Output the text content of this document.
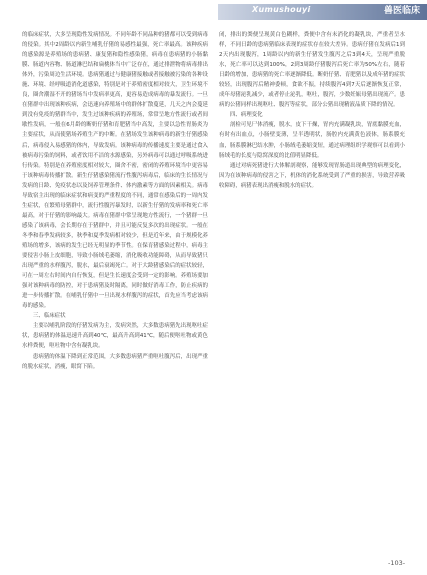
Xumushouyi	兽医临床

的临床症状，大多呈现隐性发病情况。不同年龄不同品种的猪都可以受到病毒的侵染。其中2周龄以内新生哺乳仔猪的易感性最强，死亡率最高。该种疾病的感染源是养殖场的患病猪、康复猪和隐性感染猪，病毒在患病猪的小肠黏膜、肠道内容物、肠道淋巴结和扁桃体当中广泛存在，通过排泄物将病毒排出体外，污染周边生活环境。患病猪通过与健康猪接触或者接触被污染的各种设施、环境、经呼吸道消化道感染，特别是对于养殖密度相对较大，卫生环境不良，圈舍潮湿不开的猪场当中发病率更高，更容易造成病毒的暴发流行。一旦在猪群中出现该种疾病，会迅速向养殖场中的群体扩散蔓延，几天之内会蔓延到没有免疫的猪群当中，发生过该种疾病的养殖场，常常呈地方性流行或者间歇性发病，一般在6月龄的断奶仔猪和育肥猪当中高发，主要以急性胃肠炎为主要症状，从而使猪场养殖生产的中断。在猪场发生该种病毒的新生仔猪感染后，病毒侵入易感猪的体内，导致发病。该种病毒的传播速度主要是通过食入被病毒污染的饲料，或者饮用不洁的水源感染，另外病毒可以通过呼吸系统进行传染。特别是在养殖密度相对较大，圈舍不密，密闭的养殖环境当中更容易于该种病毒传播扩散。新生仔猪感染猪流行性腹泻病毒后，临床的生长情况与发病的日龄、免疫状态以及饲养管理条件、体内激素等方面的因素相关。病毒导致宿主出现的临床症状和病变的严重程度的不同，通常在感染后的一周内发生症状，在繁殖母猪群中，流行性腹泻暴发时，以新生仔猪的发病率和死亡率最高，对于仔猪的影响最大。病毒在猪群中常呈现地方性流行，一个猪群一旦感染了该病毒，会长期存在于猪群中，并且可能反复多次的出现症状。一般在冬季和春季发病较多，秋季和夏季发病相对较少，但是近年来，由于规模化养殖场的增多，该病的发生已经无明显的季节性。在保育猪感染过程中，病毒主要侵害小肠上皮细胞，导致小肠绒毛萎缩，消化吸收功能障碍，从而导致猪只出现严重的水样腹泻，脱水，最后衰竭死亡。对于大龄猪感染后的症状较轻，可在一周左右时间内自行恢复，但是生长速度会受到一定的影响。养殖场要加强对该种病毒的防控，对于患病猪及时隔离，同时做好消毒工作，防止疾病的进一步传播扩散。在哺乳仔猪中一旦出现水样腹泻的症状，首先应当考虑该病毒的感染。

三、临床症状

主要以哺乳阶段的仔猪发病为主，发病突然，大多数患病猪先出现呕吐症状，患病猪的体温迅速升高到40℃，最高升高到41℃，随后便呕吐物或黄色水样粪便，呕吐物中含有凝乳块。

患病猪的体温下降到正常范围，大多数患病猪严重呕吐腹泻后，出现严重的脱水症状，消瘦，眼窝下陷。

闭，排出的粪便呈现黄白色糊样，粪便中含有未消化的凝乳块，严重者呈水样，不同日龄的患病猪临床表现的症状存在较大差异。患病仔猪在发病后1到2天内出现腹泻，1周龄以内的新生仔猪发生腹泻之后3到4天，呈现严重脱水，死亡率可以达到100%，2到3周龄仔猪腹泻后死亡率为50%左右，随着日龄的增加，患病猪的死亡率逐渐降低。断奶仔猪、育肥猪以及成年猪的症状较轻，出现腹泻后精神委顿，食欲不振，持续腹泻4到7天后逐渐恢复正常，成年母猪泌乳减少，或者停止泌乳，呕吐，腹泻，少数妊娠母猪出现流产。患病的公猪同样出现呕吐、腹泻等症状，部分公猪出现精液品质下降的情况。

四、病理变化

剖检可见尸体消瘦，脱水，皮下干燥，胃内充满凝乳块，胃底黏膜充血，有时有出血点，小肠壁变薄，呈半透明状，肠腔内充满黄色液体，肠系膜充血，肠系膜淋巴结水肿，小肠绒毛萎缩变短，通过病理组织学观察可以看到小肠绒毛的长度与隐窝深度的比值明显降低。

通过对病死猪进行大体解剖观察，能够发现胃肠道出现典型的病理变化，因为在该种病毒的侵害之下，机体的消化系统受到了严重的损害，导致营养吸收障碍，病猪表现出消瘦和脱水的症状。

-103-
